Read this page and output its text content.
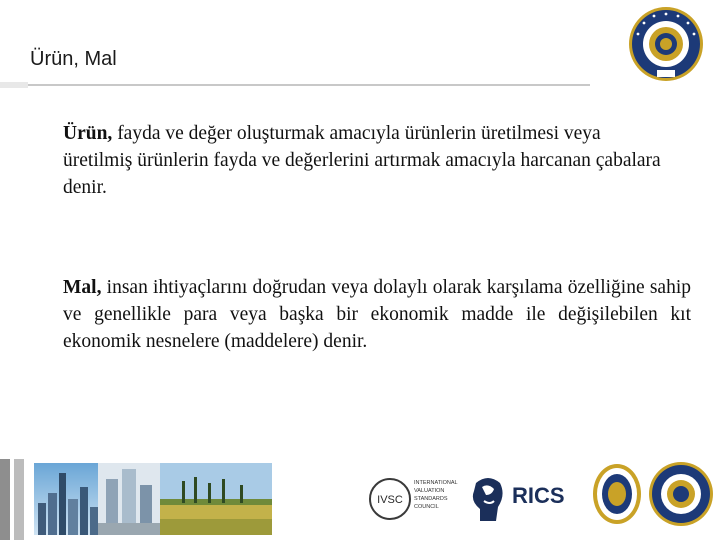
Ürün, Mal
Ürün, fayda ve değer oluşturmak amacıyla ürünlerin üretilmesi veya üretilmiş ürünlerin fayda ve değerlerini artırmak amacıyla harcanan çabalara denir.
Mal, insan ihtiyaçlarını doğrudan veya dolaylı olarak karşılama özelliğine sahip ve genellikle para veya başka bir ekonomik madde ile değişilebilen kıt ekonomik nesnelere (maddelere) denir.
IVSC
INTERNATIONAL
VALUATION
STANDARDS
COUNCIL	RICS
